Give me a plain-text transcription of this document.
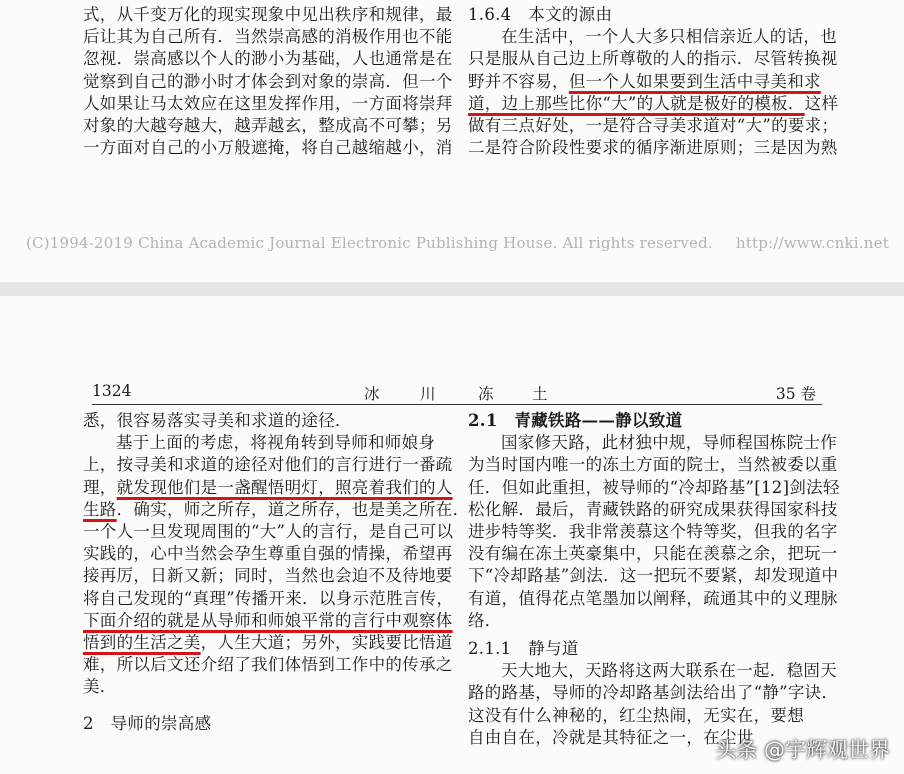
式，从千变万化的现实现象中见出秩序和规律，最

后让其为自己所有．当然崇高感的消极作用也不能

忽视．崇高感以个人的渺小为基础，人也通常是在

觉察到自己的渺小时才体会到对象的崇高．但一个

人如果让马太效应在这里发挥作用，一方面将崇拜

对象的大越夸越大，越弄越玄，整成高不可攀；另

一方面对自己的小万般遮掩，将自己越缩越小，消

1.6.4　本文的源由

在生活中，一个人大多只相信亲近人的话，也

只是服从自己边上所尊敬的人的指示．尽管转换视

野并不容易，但一个人如果要到生活中寻美和求

道，边上那些比你“大”的人就是极好的模板．这样

做有三点好处，一是符合寻美求道对“大”的要求；

二是符合阶段性要求的循序渐进原则；三是因为熟

(C)1994-2019 China Academic Journal Electronic Publishing House. All rights reserved. http://www.cnki.net
1324	冰	川	冻 土	35 卷

悉，很容易落实寻美和求道的途径．

基于上面的考虑，将视角转到导师和师娘身

上，按寻美和求道的途径对他们的言行进行一番疏

理，就发现他们是一盏醒悟明灯，照亮着我们的人

生路．确实，师之所存，道之所存，也是美之所在．

一个人一旦发现周围的“大”人的言行，是自己可以

实践的，心中当然会孕生尊重自强的情操，希望再

接再厉，日新又新；同时，当然也会迫不及待地要

将自己发现的“真理”传播开来．以身示范胜言传，

下面介绍的就是从导师和师娘平常的言行中观察体

悟到的生活之美，人生大道；另外，实践要比悟道

难，所以后文还介绍了我们体悟到工作中的传承之

美．

2　导师的崇高感

2.1　青藏铁路——静以致道

国家修天路，此材独中规，导师程国栋院士作

为当时国内唯一的冻土方面的院士，当然被委以重

任．但如此重担，被导师的“冷却路基”[12]剑法轻

松化解．最后，青藏铁路的研究成果获得国家科技

进步特等奖．我非常羡慕这个特等奖，但我的名字

没有编在冻土英豪集中，只能在羡慕之余，把玩一

下“冷却路基”剑法．这一把玩不要紧，却发现道中

有道，值得花点笔墨加以阐释，疏通其中的义理脉

络．

2.1.1　静与道

天大地大，天路将这两大联系在一起．稳固天

路的路基，导师的冷却路基剑法给出了“静”字诀．

这没有什么神秘的，红尘热闹，无实在，要想

自由自在，冷就是其特征之一，在尘世

头条 @宇辉观世界
